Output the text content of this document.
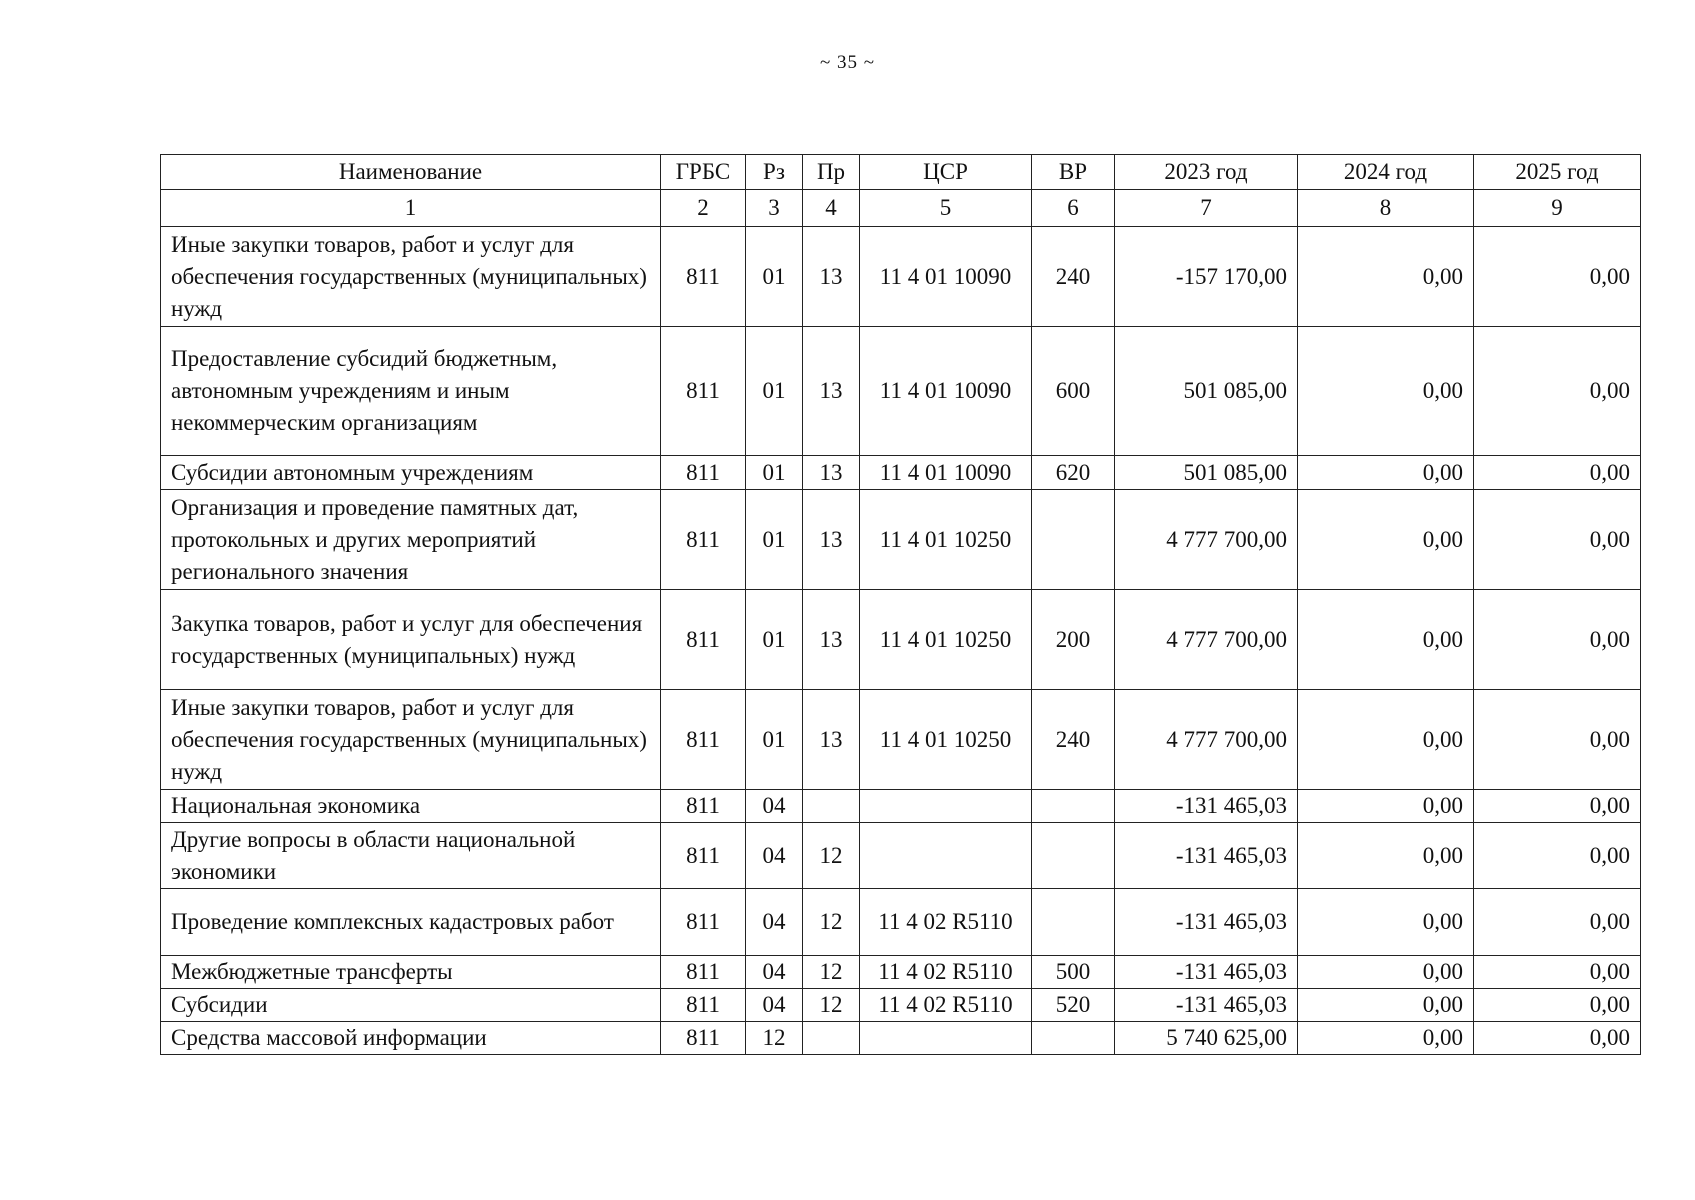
~ 35 ~
Наименование	ГРБС	Рз	Пр	ЦСР	ВР	2023 год	2024 год	2025 год
1	2	3	4	5	6	7	8	9
Иные закупки товаров, работ и услуг для обеспечения государственных (муниципальных) нужд	811	01	13	11 4 01 10090	240	-157 170,00	0,00	0,00
Предоставление субсидий бюджетным, автономным учреждениям и иным некоммерческим организациям	811	01	13	11 4 01 10090	600	501 085,00	0,00	0,00
Субсидии автономным учреждениям	811	01	13	11 4 01 10090	620	501 085,00	0,00	0,00
Организация и проведение памятных дат, протокольных и других мероприятий регионального значения	811	01	13	11 4 01 10250		4 777 700,00	0,00	0,00
Закупка товаров, работ и услуг для обеспечения государственных (муниципальных) нужд	811	01	13	11 4 01 10250	200	4 777 700,00	0,00	0,00
Иные закупки товаров, работ и услуг для обеспечения государственных (муниципальных) нужд	811	01	13	11 4 01 10250	240	4 777 700,00	0,00	0,00
Национальная экономика	811	04				-131 465,03	0,00	0,00
Другие вопросы в области национальной экономики	811	04	12			-131 465,03	0,00	0,00
Проведение комплексных кадастровых работ	811	04	12	11 4 02 R5110		-131 465,03	0,00	0,00
Межбюджетные трансферты	811	04	12	11 4 02 R5110	500	-131 465,03	0,00	0,00
Субсидии	811	04	12	11 4 02 R5110	520	-131 465,03	0,00	0,00
Средства массовой информации	811	12				5 740 625,00	0,00	0,00
